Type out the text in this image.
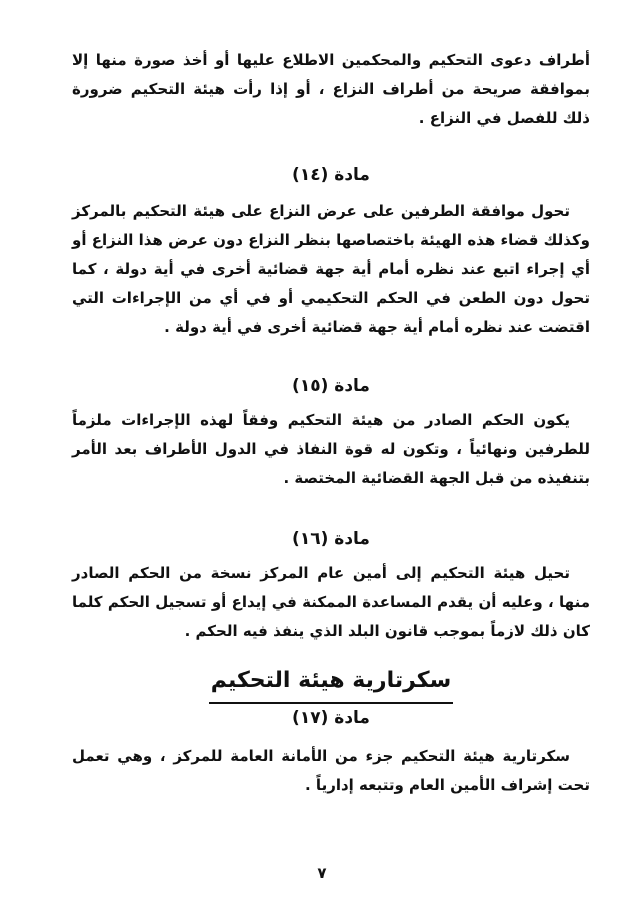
أطراف دعوى التحكيم والمحكمين الاطلاع عليها أو أخذ صورة منها إلا بموافقة صريحة من أطراف النزاع ، أو إذا رأت هيئة التحكيم ضرورة ذلك للفصل في النزاع .

مادة (١٤)

تحول موافقة الطرفين على عرض النزاع على هيئة التحكيم بالمركز وكذلك قضاء هذه الهيئة باختصاصها بنظر النزاع دون عرض هذا النزاع أو أي إجراء اتبع عند نظره أمام أية جهة قضائية أخرى في أية دولة ، كما تحول دون الطعن في الحكم التحكيمي أو في أي من الإجراءات التي اقتضت عند نظره أمام أية جهة قضائية أخرى في أية دولة .

مادة (١٥)

يكون الحكم الصادر من هيئة التحكيم وفقاً لهذه الإجراءات ملزماً للطرفين ونهائياً ، وتكون له قوة النفاذ في الدول الأطراف بعد الأمر بتنفيذه من قبل الجهة القضائية المختصة .

مادة (١٦)

تحيل هيئة التحكيم إلى أمين عام المركز نسخة من الحكم الصادر منها ، وعليه أن يقدم المساعدة الممكنة في إيداع أو تسجيل الحكم كلما كان ذلك لازماً بموجب قانون البلد الذي ينفذ فيه الحكم .

سكرتارية هيئة التحكيم
مادة (١٧)

سكرتارية هيئة التحكيم جزء من الأمانة العامة للمركز ، وهي تعمل تحت إشراف الأمين العام وتتبعه إدارياً .

٧
